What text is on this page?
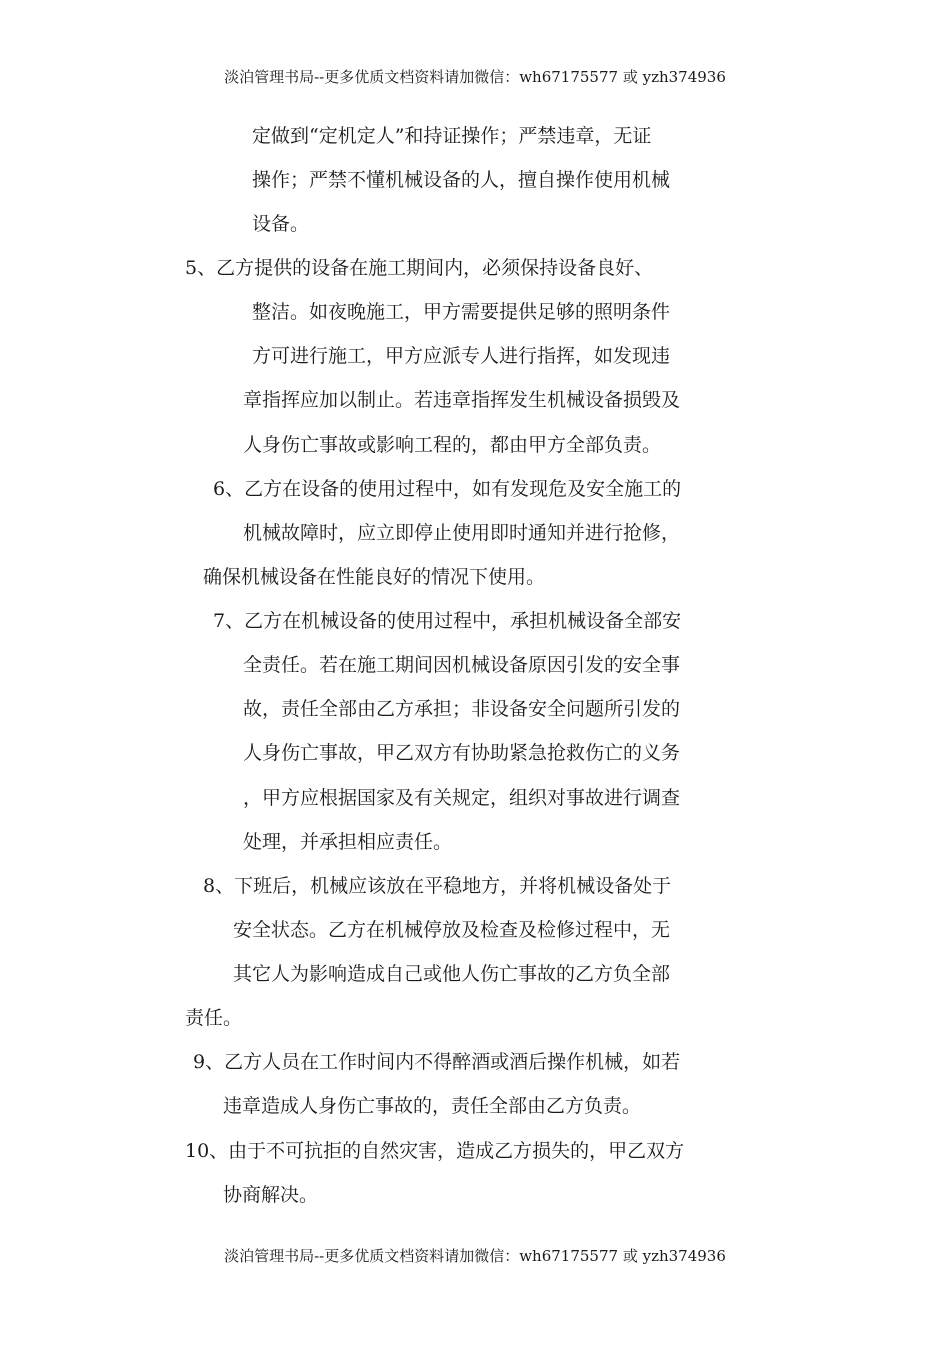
淡泊管理书局--更多优质文档资料请加微信：wh67175577 或 yzh374936
定做到“定机定人”和持证操作；严禁违章，无证
操作；严禁不懂机械设备的人，擅自操作使用机械
设备。
5、乙方提供的设备在施工期间内，必须保持设备良好、
整洁。如夜晚施工，甲方需要提供足够的照明条件
方可进行施工，甲方应派专人进行指挥，如发现违
章指挥应加以制止。若违章指挥发生机械设备损毁及
人身伤亡事故或影响工程的，都由甲方全部负责。
6、乙方在设备的使用过程中，如有发现危及安全施工的
机械故障时，应立即停止使用即时通知并进行抢修，
确保机械设备在性能良好的情况下使用。
7、乙方在机械设备的使用过程中，承担机械设备全部安
全责任。若在施工期间因机械设备原因引发的安全事
故，责任全部由乙方承担；非设备安全问题所引发的
人身伤亡事故，甲乙双方有协助紧急抢救伤亡的义务
，甲方应根据国家及有关规定，组织对事故进行调查
处理，并承担相应责任。
8、下班后，机械应该放在平稳地方，并将机械设备处于
安全状态。乙方在机械停放及检查及检修过程中，无
其它人为影响造成自己或他人伤亡事故的乙方负全部
责任。
9、乙方人员在工作时间内不得醉酒或酒后操作机械，如若
违章造成人身伤亡事故的，责任全部由乙方负责。
10、由于不可抗拒的自然灾害，造成乙方损失的，甲乙双方
协商解决。
淡泊管理书局--更多优质文档资料请加微信：wh67175577 或 yzh374936
